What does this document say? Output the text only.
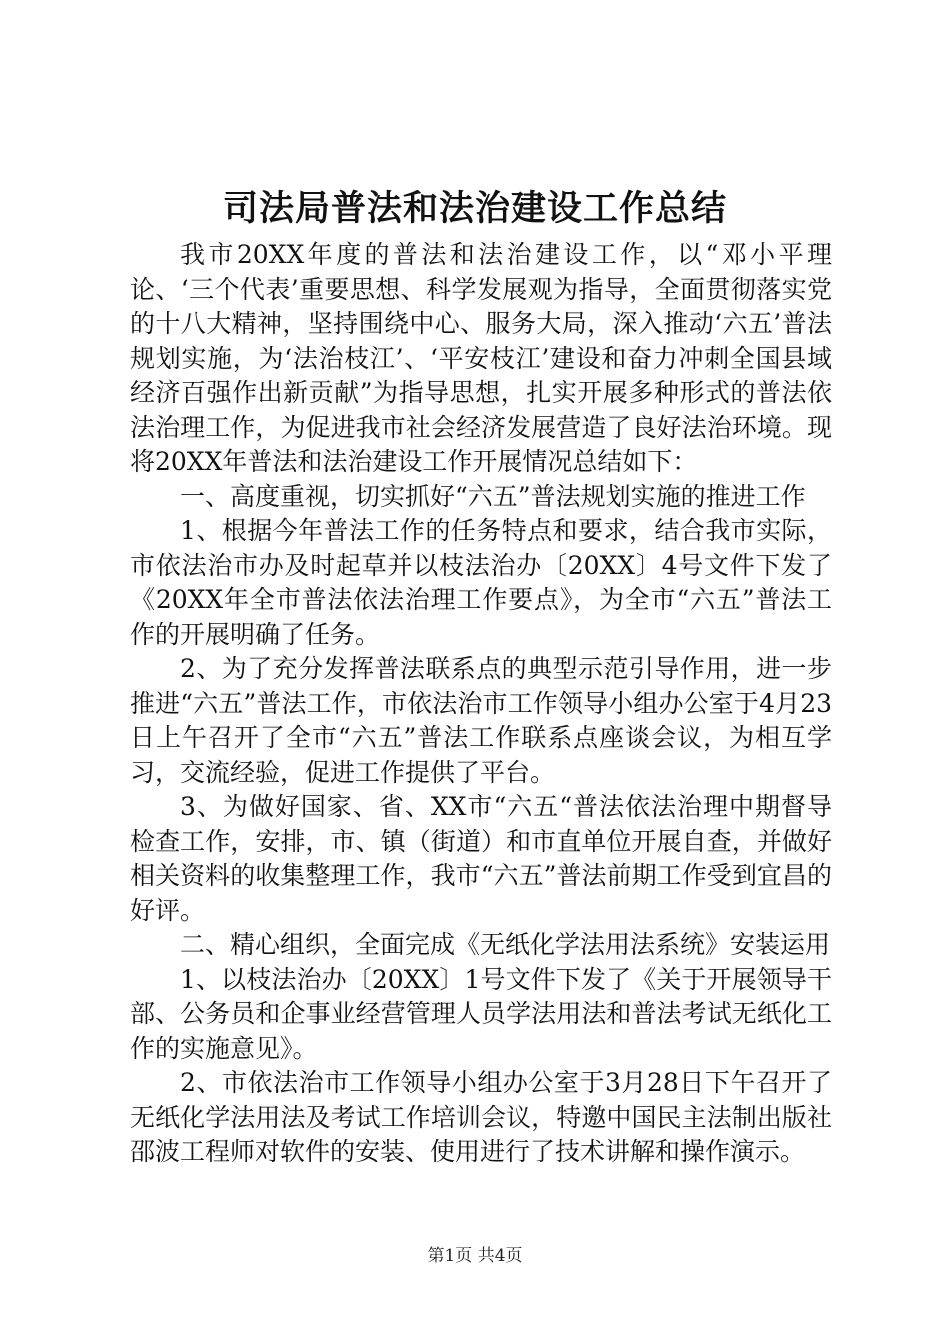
司法局普法和法治建设工作总结

我市20XX年度的普法和法治建设工作，以“邓小平理论、‘三个代表’重要思想、科学发展观为指导，全面贯彻落实党的十八大精神，坚持围绕中心、服务大局，深入推动‘六五’普法规划实施，为‘法治枝江’、‘平安枝江’建设和奋力冲刺全国县域经济百强作出新贡献”为指导思想，扎实开展多种形式的普法依法治理工作，为促进我市社会经济发展营造了良好法治环境。现将20XX年普法和法治建设工作开展情况总结如下：

一、高度重视，切实抓好“六五”普法规划实施的推进工作

1、根据今年普法工作的任务特点和要求，结合我市实际，市依法治市办及时起草并以枝法治办〔20XX〕4号文件下发了《20XX年全市普法依法治理工作要点》，为全市“六五”普法工作的开展明确了任务。

2、为了充分发挥普法联系点的典型示范引导作用，进一步推进“六五”普法工作，市依法治市工作领导小组办公室于4月23日上午召开了全市“六五”普法工作联系点座谈会议，为相互学习，交流经验，促进工作提供了平台。

3、为做好国家、省、XX市“六五“普法依法治理中期督导检查工作，安排，市、镇（街道）和市直单位开展自查，并做好相关资料的收集整理工作，我市“六五”普法前期工作受到宜昌的好评。

二、精心组织，全面完成《无纸化学法用法系统》安装运用

1、以枝法治办〔20XX〕1号文件下发了《关于开展领导干部、公务员和企事业经营管理人员学法用法和普法考试无纸化工作的实施意见》。

2、市依法治市工作领导小组办公室于3月28日下午召开了无纸化学法用法及考试工作培训会议，特邀中国民主法制出版社邵波工程师对软件的安装、使用进行了技术讲解和操作演示。

第1页 共4页
